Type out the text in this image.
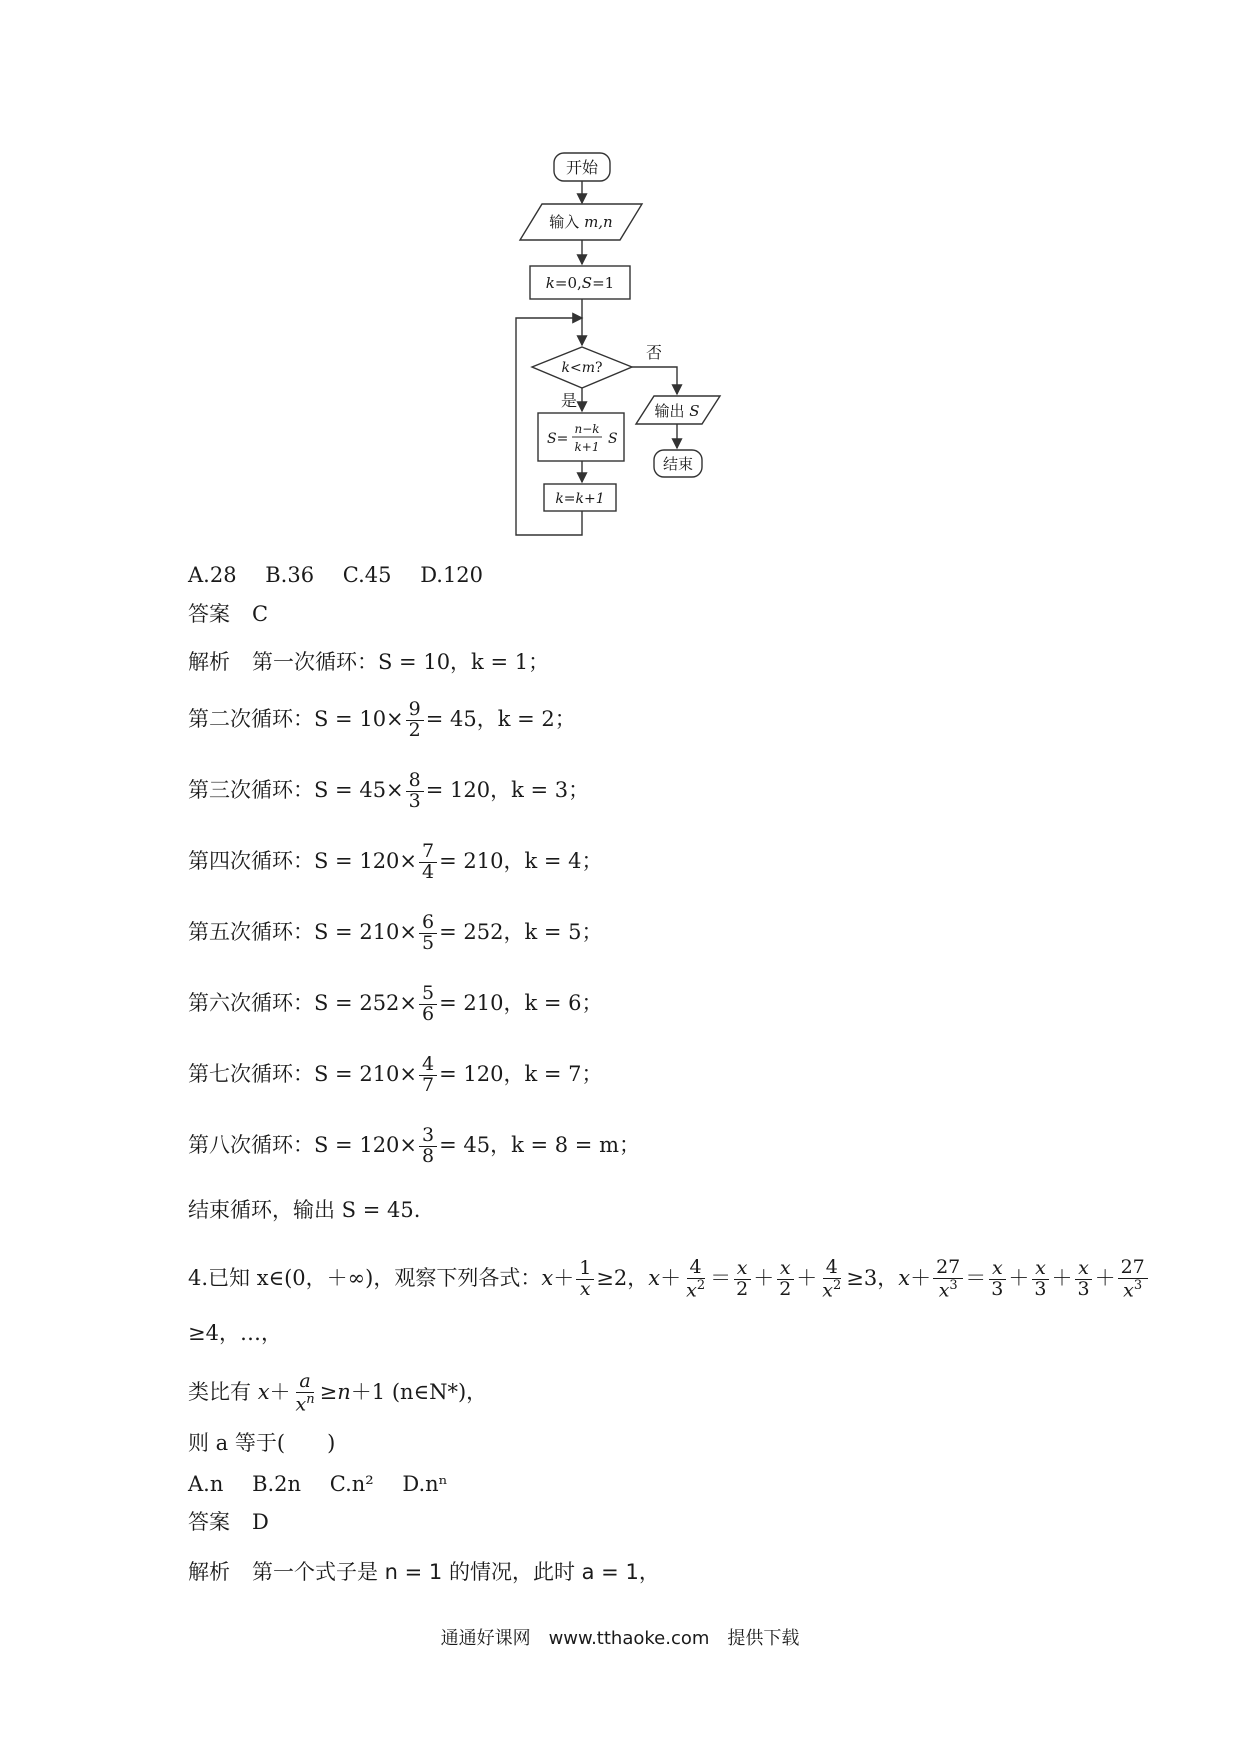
开始
输入 m,n
k=0,S=1
k<m?
是
否
S=
n−k
k+1 S
k=k+1
输出 S
结束
A.28 B.36 C.45 D.120
答案 C
解析 第一次循环：S = 10，k = 1；
第二次循环：$S = 10\times \frac{9}{2} = 45$，k = 2；
第三次循环：$S = 45\times \frac{8}{3} = 120$，k = 3；
第四次循环：$S = 120\times \frac{7}{4} = 210$，k = 4；
第五次循环：$S = 210\times \frac{6}{5} = 252$，k = 5；
第六次循环：$S = 252\times \frac{5}{6} = 210$，k = 6；
第七次循环：$S = 210\times \frac{4}{7} = 120$，k = 7；
第八次循环：$S = 120\times \frac{3}{8} = 45$，k = 8 = m；
结束循环，输出 S = 45.
4.已知 x∈(0，＋∞)，观察下列各式：$x+ \frac{1}{x} \ge 2$，$x+ \frac{4}{x^2} = \frac{x}{2} + \frac{x}{2} + \frac{4}{x^2} \ge 3$，$x+ \frac{27}{x^3} = \frac{x}{3} + \frac{x}{3} + \frac{x}{3} + \frac{27}{x^3}$
≥4，…，
类比有 $x+ \frac{a}{x^n} \ge n+1$ (n∈N*)，
则 a 等于(　　)
A.n B.2n C.n² D.nⁿ
答案 D
解析 第一个式子是 n = 1 的情况，此时 a = 1，
通通好课网　www.tthaoke.com　提供下载
